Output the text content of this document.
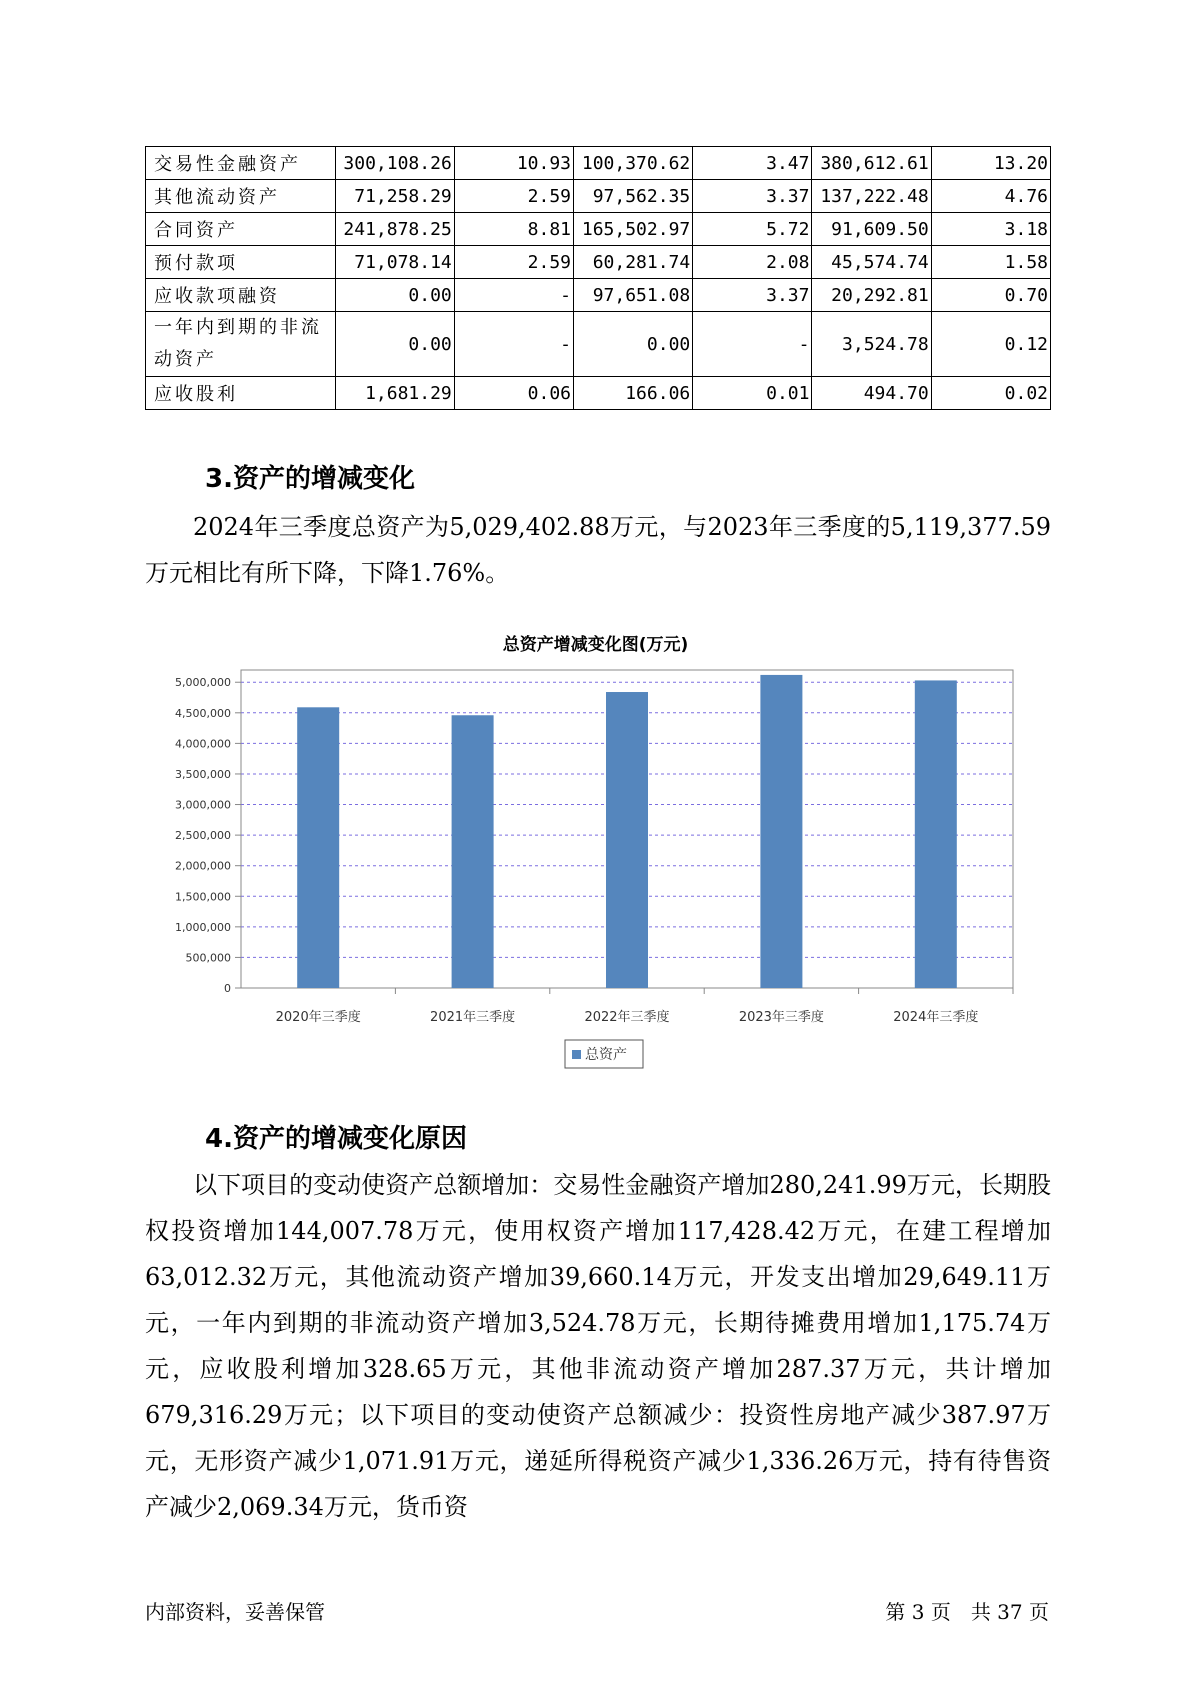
交易性金融资产	300,108.26	10.93	100,370.62	3.47	380,612.61	13.20
其他流动资产	71,258.29	2.59	97,562.35	3.37	137,222.48	4.76
合同资产	241,878.25	8.81	165,502.97	5.72	91,609.50	3.18
预付款项	71,078.14	2.59	60,281.74	2.08	45,574.74	1.58
应收款项融资	0.00	-	97,651.08	3.37	20,292.81	0.70
一年内到期的非流动资产	0.00	-	0.00	-	3,524.78	0.12
应收股利	1,681.29	0.06	166.06	0.01	494.70	0.02
3.资产的增减变化

2024年三季度总资产为5,029,402.88万元，与2023年三季度的5,119,377.59万元相比有所下降，下降1.76%。

总资产增减变化图(万元)
0
500,000
1,000,000
1,500,000
2,000,000
2,500,000
3,000,000
3,500,000
4,000,000
4,500,000
5,000,000
2020年三季度	2021年三季度	2022年三季度	2023年三季度	2024年三季度
总资产
4.资产的增减变化原因

以下项目的变动使资产总额增加：交易性金融资产增加280,241.99万元，长期股权投资增加144,007.78万元，使用权资产增加117,428.42万元，在建工程增加63,012.32万元，其他流动资产增加39,660.14万元，开发支出增加29,649.11万元，一年内到期的非流动资产增加3,524.78万元，长期待摊费用增加1,175.74万元，应收股利增加328.65万元，其他非流动资产增加287.37万元，共计增加679,316.29万元；以下项目的变动使资产总额减少：投资性房地产减少387.97万元，无形资产减少1,071.91万元，递延所得税资产减少1,336.26万元，持有待售资产减少2,069.34万元，货币资

内部资料，妥善保管	第 3 页　共 37 页
